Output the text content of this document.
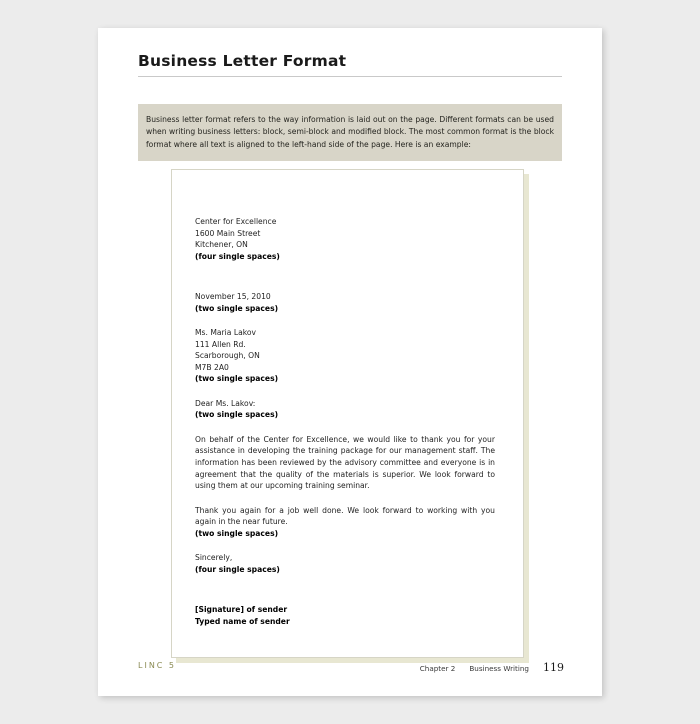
Business Letter Format

Business letter format refers to the way information is laid out on the page. Different formats can be used when writing business letters: block, semi-block and modified block. The most common format is the block format where all text is aligned to the left-hand side of the page. Here is an example:

Center for Excellence
1600 Main Street
Kitchener, ON
(four single spaces)
November 15, 2010
(two single spaces)
Ms. Maria Lakov
111 Allen Rd.
Scarborough, ON
M7B 2A0
(two single spaces)
Dear Ms. Lakov:
(two single spaces)
On behalf of the Center for Excellence, we would like to thank you for your assistance in developing the training package for our management staff. The information has been reviewed by the advisory committee and everyone is in agreement that the quality of the materials is superior. We look forward to using them at our upcoming training seminar.
Thank you again for a job well done. We look forward to working with you again in the near future.
(two single spaces)
Sincerely,
(four single spaces)
[Signature] of sender
Typed name of sender
LINC 5	Chapter 2 Business Writing 119
